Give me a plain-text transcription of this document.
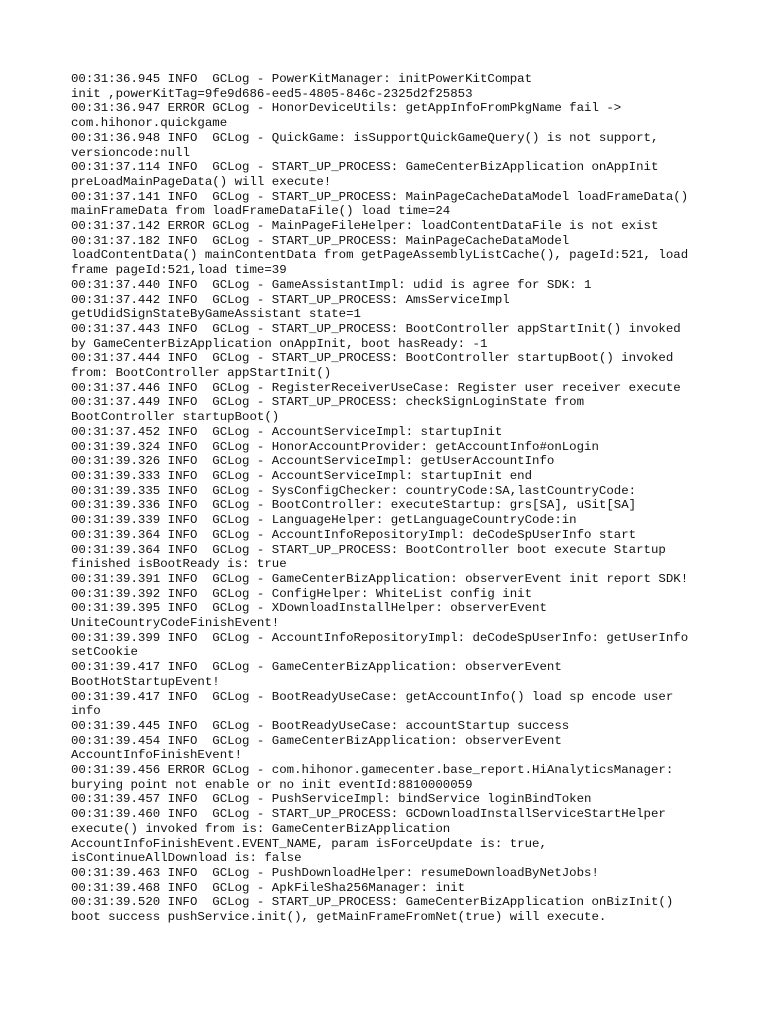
00:31:36.945 INFO  GCLog - PowerKitManager: initPowerKitCompat
init ,powerKitTag=9fe9d686-eed5-4805-846c-2325d2f25853
00:31:36.947 ERROR GCLog - HonorDeviceUtils: getAppInfoFromPkgName fail ->
com.hihonor.quickgame
00:31:36.948 INFO  GCLog - QuickGame: isSupportQuickGameQuery() is not support,
versioncode:null
00:31:37.114 INFO  GCLog - START_UP_PROCESS: GameCenterBizApplication onAppInit
preLoadMainPageData() will execute!
00:31:37.141 INFO  GCLog - START_UP_PROCESS: MainPageCacheDataModel loadFrameData()
mainFrameData from loadFrameDataFile() load time=24
00:31:37.142 ERROR GCLog - MainPageFileHelper: loadContentDataFile is not exist
00:31:37.182 INFO  GCLog - START_UP_PROCESS: MainPageCacheDataModel
loadContentData() mainContentData from getPageAssemblyListCache(), pageId:521, load
frame pageId:521,load time=39
00:31:37.440 INFO  GCLog - GameAssistantImpl: udid is agree for SDK: 1
00:31:37.442 INFO  GCLog - START_UP_PROCESS: AmsServiceImpl
getUdidSignStateByGameAssistant state=1
00:31:37.443 INFO  GCLog - START_UP_PROCESS: BootController appStartInit() invoked
by GameCenterBizApplication onAppInit, boot hasReady: -1
00:31:37.444 INFO  GCLog - START_UP_PROCESS: BootController startupBoot() invoked
from: BootController appStartInit()
00:31:37.446 INFO  GCLog - RegisterReceiverUseCase: Register user receiver execute
00:31:37.449 INFO  GCLog - START_UP_PROCESS: checkSignLoginState from
BootController startupBoot()
00:31:37.452 INFO  GCLog - AccountServiceImpl: startupInit
00:31:39.324 INFO  GCLog - HonorAccountProvider: getAccountInfo#onLogin
00:31:39.326 INFO  GCLog - AccountServiceImpl: getUserAccountInfo
00:31:39.333 INFO  GCLog - AccountServiceImpl: startupInit end
00:31:39.335 INFO  GCLog - SysConfigChecker: countryCode:SA,lastCountryCode:
00:31:39.336 INFO  GCLog - BootController: executeStartup: grs[SA], uSit[SA]
00:31:39.339 INFO  GCLog - LanguageHelper: getLanguageCountryCode:in
00:31:39.364 INFO  GCLog - AccountInfoRepositoryImpl: deCodeSpUserInfo start
00:31:39.364 INFO  GCLog - START_UP_PROCESS: BootController boot execute Startup
finished isBootReady is: true
00:31:39.391 INFO  GCLog - GameCenterBizApplication: observerEvent init report SDK!
00:31:39.392 INFO  GCLog - ConfigHelper: WhiteList config init
00:31:39.395 INFO  GCLog - XDownloadInstallHelper: observerEvent
UniteCountryCodeFinishEvent!
00:31:39.399 INFO  GCLog - AccountInfoRepositoryImpl: deCodeSpUserInfo: getUserInfo
setCookie
00:31:39.417 INFO  GCLog - GameCenterBizApplication: observerEvent
BootHotStartupEvent!
00:31:39.417 INFO  GCLog - BootReadyUseCase: getAccountInfo() load sp encode user
info
00:31:39.445 INFO  GCLog - BootReadyUseCase: accountStartup success
00:31:39.454 INFO  GCLog - GameCenterBizApplication: observerEvent
AccountInfoFinishEvent!
00:31:39.456 ERROR GCLog - com.hihonor.gamecenter.base_report.HiAnalyticsManager:
burying point not enable or no init eventId:8810000059
00:31:39.457 INFO  GCLog - PushServiceImpl: bindService loginBindToken
00:31:39.460 INFO  GCLog - START_UP_PROCESS: GCDownloadInstallServiceStartHelper
execute() invoked from is: GameCenterBizApplication
AccountInfoFinishEvent.EVENT_NAME, param isForceUpdate is: true,
isContinueAllDownload is: false
00:31:39.463 INFO  GCLog - PushDownloadHelper: resumeDownloadByNetJobs!
00:31:39.468 INFO  GCLog - ApkFileSha256Manager: init
00:31:39.520 INFO  GCLog - START_UP_PROCESS: GameCenterBizApplication onBizInit()
boot success pushService.init(), getMainFrameFromNet(true) will execute.
